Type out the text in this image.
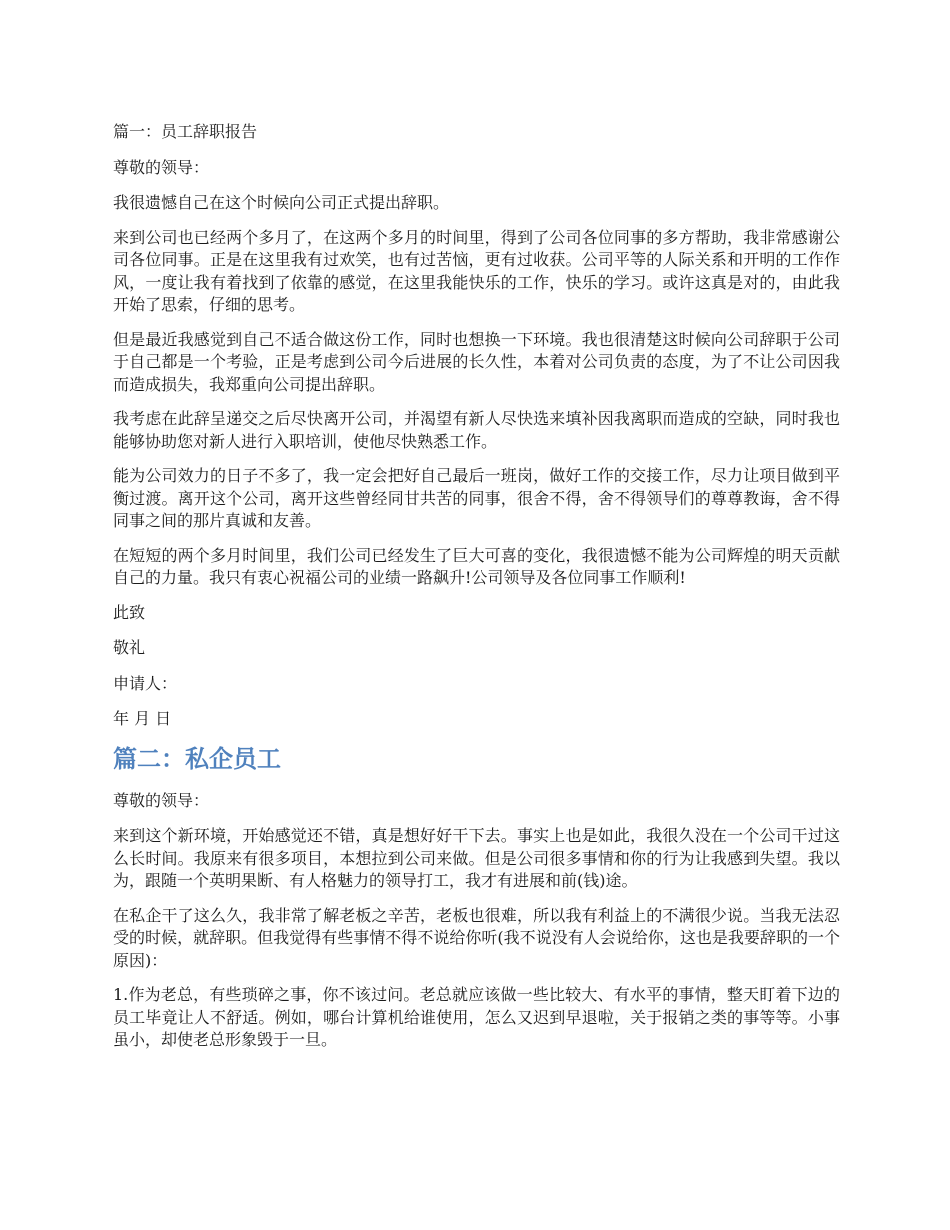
篇一：员工辞职报告

尊敬的领导：

我很遗憾自己在这个时候向公司正式提出辞职。

来到公司也已经两个多月了，在这两个多月的时间里，得到了公司各位同事的多方帮助，我非常感谢公司各位同事。正是在这里我有过欢笑，也有过苦恼，更有过收获。公司平等的人际关系和开明的工作作风，一度让我有着找到了依靠的感觉，在这里我能快乐的工作，快乐的学习。或许这真是对的，由此我开始了思索，仔细的思考。

但是最近我感觉到自己不适合做这份工作，同时也想换一下环境。我也很清楚这时候向公司辞职于公司于自己都是一个考验，正是考虑到公司今后进展的长久性，本着对公司负责的态度，为了不让公司因我而造成损失，我郑重向公司提出辞职。

我考虑在此辞呈递交之后尽快离开公司，并渴望有新人尽快选来填补因我离职而造成的空缺，同时我也能够协助您对新人进行入职培训，使他尽快熟悉工作。

能为公司效力的日子不多了，我一定会把好自己最后一班岗，做好工作的交接工作，尽力让项目做到平衡过渡。离开这个公司，离开这些曾经同甘共苦的同事，很舍不得，舍不得领导们的尊尊教诲，舍不得同事之间的那片真诚和友善。

在短短的两个多月时间里，我们公司已经发生了巨大可喜的变化，我很遗憾不能为公司辉煌的明天贡献自己的力量。我只有衷心祝福公司的业绩一路飙升!公司领导及各位同事工作顺利!

此致

敬礼

申请人：

年 月 日

篇二：私企员工

尊敬的领导：

来到这个新环境，开始感觉还不错，真是想好好干下去。事实上也是如此，我很久没在一个公司干过这么长时间。我原来有很多项目，本想拉到公司来做。但是公司很多事情和你的行为让我感到失望。我以为，跟随一个英明果断、有人格魅力的领导打工，我才有进展和前(钱)途。

在私企干了这么久，我非常了解老板之辛苦，老板也很难，所以我有利益上的不满很少说。当我无法忍受的时候，就辞职。但我觉得有些事情不得不说给你听(我不说没有人会说给你，这也是我要辞职的一个原因)：

1.作为老总，有些琐碎之事，你不该过问。老总就应该做一些比较大、有水平的事情，整天盯着下边的员工毕竟让人不舒适。例如，哪台计算机给谁使用，怎么又迟到早退啦，关于报销之类的事等等。小事虽小，却使老总形象毁于一旦。
